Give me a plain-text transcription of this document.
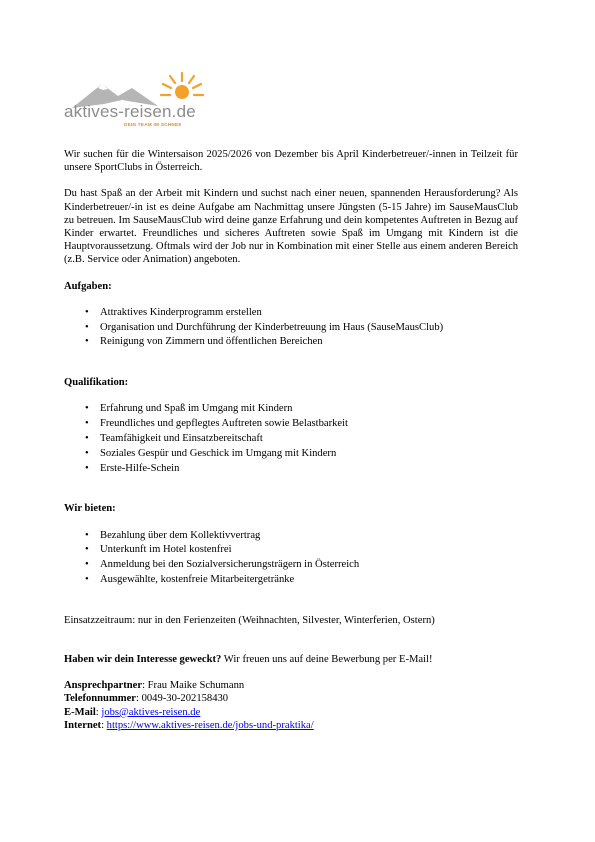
aktives-reisen.de
DEIN TEAM IM SCHNEE

Wir suchen für die Wintersaison 2025/2026 von Dezember bis April Kinderbetreuer/-innen in Teilzeit für unsere SportClubs in Österreich.

Du hast Spaß an der Arbeit mit Kindern und suchst nach einer neuen, spannenden Herausforderung? Als Kinderbetreuer/-in ist es deine Aufgabe am Nachmittag unsere Jüngsten (5-15 Jahre) im SauseMausClub zu betreuen. Im SauseMausClub wird deine ganze Erfahrung und dein kompetentes Auftreten in Bezug auf Kinder erwartet. Freundliches und sicheres Auftreten sowie Spaß im Umgang mit Kindern ist die Hauptvoraussetzung. Oftmals wird der Job nur in Kombination mit einer Stelle aus einem anderen Bereich (z.B. Service oder Animation) angeboten.

Aufgaben:
• Attraktives Kinderprogramm erstellen
• Organisation und Durchführung der Kinderbetreuung im Haus (SauseMausClub)
• Reinigung von Zimmern und öffentlichen Bereichen
Qualifikation:
• Erfahrung und Spaß im Umgang mit Kindern
• Freundliches und gepflegtes Auftreten sowie Belastbarkeit
• Teamfähigkeit und Einsatzbereitschaft
• Soziales Gespür und Geschick im Umgang mit Kindern
• Erste-Hilfe-Schein
Wir bieten:
• Bezahlung über dem Kollektivvertrag
• Unterkunft im Hotel kostenfrei
• Anmeldung bei den Sozialversicherungsträgern in Österreich
• Ausgewählte, kostenfreie Mitarbeitergetränke

Einsatzzeitraum: nur in den Ferienzeiten (Weihnachten, Silvester, Winterferien, Ostern)

Haben wir dein Interesse geweckt? Wir freuen uns auf deine Bewerbung per E-Mail!

Ansprechpartner: Frau Maike Schumann
Telefonnummer: 0049-30-202158430
E-Mail: jobs@aktives-reisen.de
Internet: https://www.aktives-reisen.de/jobs-und-praktika/
